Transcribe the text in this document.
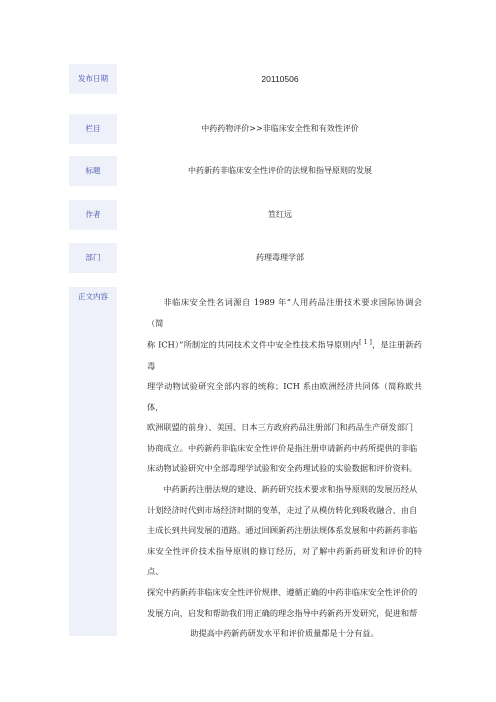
发布日期	20110506
栏目	中药药物评价>>非临床安全性和有效性评价
标题	中药新药非临床安全性评价的法规和指导原则的发展
作者	笪红远
部门	药理毒理学部
正文内容

非临床安全性名词源自 1989 年“人用药品注册技术要求国际协调会（简
称 ICH）”所制定的共同技术文件中安全性技术指导原则内[ 1 ]，是注册新药毒
理学动物试验研究全部内容的统称；ICH 系由欧洲经济共同体（简称欧共体，
欧洲联盟的前身）、美国、日本三方政府药品注册部门和药品生产研发部门
协商成立。中药新药非临床安全性评价是指注册申请新药中药所提供的非临
床动物试验研究中全部毒理学试验和安全药理试验的实验数据和评价资料。

中药新药注册法规的建设、新药研究技术要求和指导原则的发展历经从
计划经济时代到市场经济时期的变革，走过了从模仿转化到吸收融合、由自
主成长到共同发展的道路。通过回顾新药注册法规体系发展和中药新药非临
床安全性评价技术指导原则的修订经历，对了解中药新药研发和评价的特点、
探究中药新药非临床安全性评价规律、遵循正确的中药非临床安全性评价的
发展方向，启发和帮助我们用正确的理念指导中药新药开发研究，促进和帮
助提高中药新药研发水平和评价质量都是十分有益。
